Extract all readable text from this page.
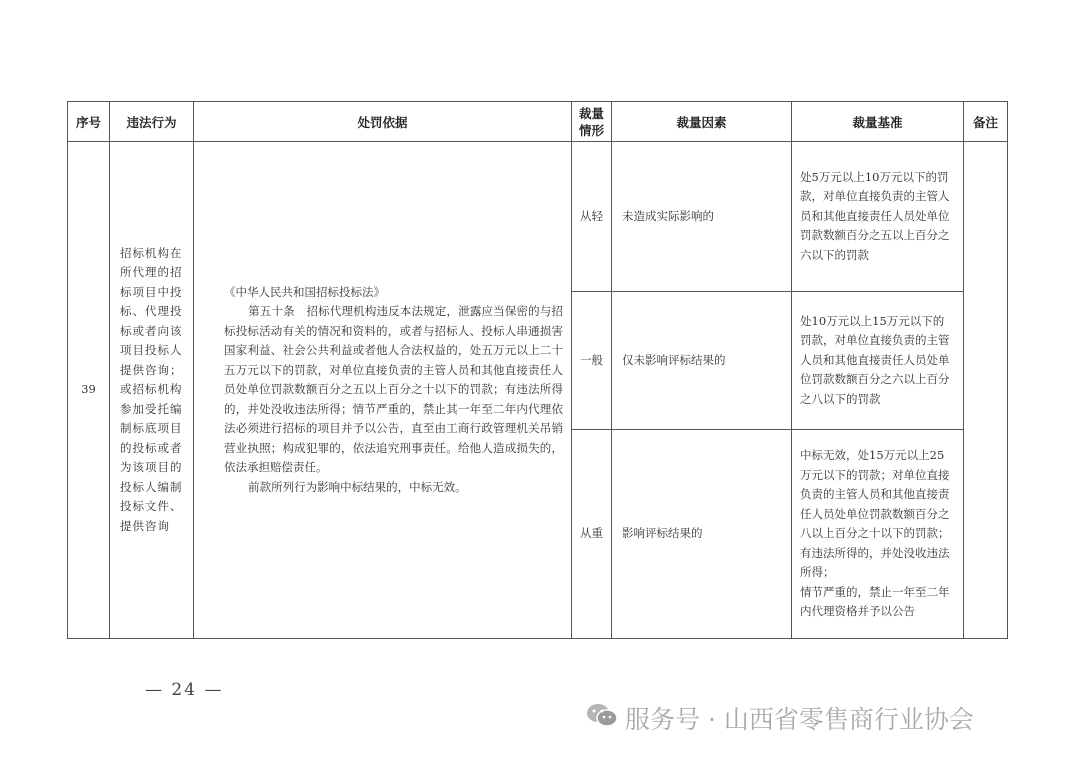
序号	违法行为	处罚依据	裁量情形	裁量因素	裁量基准	备注
39	招标机构在所代理的招标项目中投标、代理投标或者向该项目投标人提供咨询；或招标机构参加受托编制标底项目的投标或者为该项目的投标人编制投标文件、提供咨询	《中华人民共和国招标投标法》

第五十条　招标代理机构违反本法规定，泄露应当保密的与招标投标活动有关的情况和资料的，或者与招标人、投标人串通损害国家利益、社会公共利益或者他人合法权益的，处五万元以上二十五万元以下的罚款，对单位直接负责的主管人员和其他直接责任人员处单位罚款数额百分之五以上百分之十以下的罚款；有违法所得的，并处没收违法所得；情节严重的，禁止其一年至二年内代理依法必须进行招标的项目并予以公告，直至由工商行政管理机关吊销营业执照；构成犯罪的，依法追究刑事责任。给他人造成损失的，依法承担赔偿责任。

前款所列行为影响中标结果的，中标无效。	从轻	未造成实际影响的	处5万元以上10万元以下的罚款，对单位直接负责的主管人员和其他直接责任人员处单位罚款数额百分之五以上百分之六以下的罚款	

			一般	仅未影响评标结果的	处10万元以上15万元以下的罚款，对单位直接负责的主管人员和其他直接责任人员处单位罚款数额百分之六以上百分之八以下的罚款	

			从重	影响评标结果的	中标无效，处15万元以上25万元以下的罚款；对单位直接负责的主管人员和其他直接责任人员处单位罚款数额百分之八以上百分之十以下的罚款；
有违法所得的，并处没收违法所得；
情节严重的，禁止一年至二年内代理资格并予以公告	
— 24 —
服务号 · 山西省零售商行业协会
